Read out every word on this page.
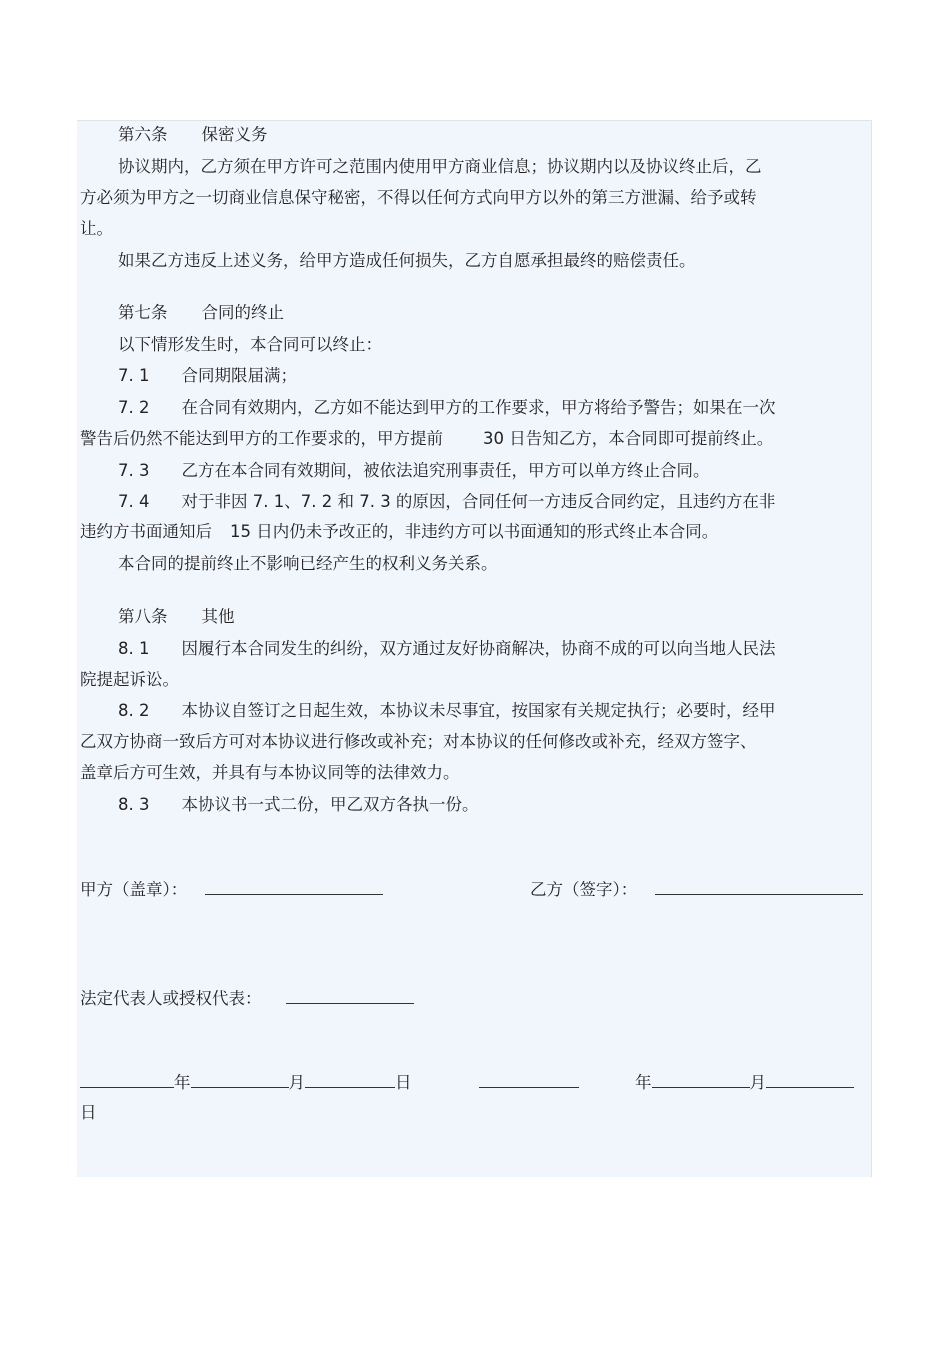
第六条 保密义务
协议期内，乙方须在甲方许可之范围内使用甲方商业信息；协议期内以及协议终止后，乙
方必须为甲方之一切商业信息保守秘密，不得以任何方式向甲方以外的第三方泄漏、给予或转
让。
如果乙方违反上述义务，给甲方造成任何损失，乙方自愿承担最终的赔偿责任。
第七条 合同的终止
以下情形发生时，本合同可以终止：
7. 1 合同期限届满；
7. 2 在合同有效期内，乙方如不能达到甲方的工作要求，甲方将给予警告；如果在一次
警告后仍然不能达到甲方的工作要求的，甲方提前 30 日告知乙方，本合同即可提前终止。
7. 3 乙方在本合同有效期间，被依法追究刑事责任，甲方可以单方终止合同。
7. 4 对于非因 7. 1、7. 2 和 7. 3 的原因，合同任何一方违反合同约定，且违约方在非
违约方书面通知后 15 日内仍未予改正的，非违约方可以书面通知的形式终止本合同。
本合同的提前终止不影响已经产生的权利义务关系。
第八条 其他
8. 1 因履行本合同发生的纠纷，双方通过友好协商解决，协商不成的可以向当地人民法
院提起诉讼。
8. 2 本协议自签订之日起生效，本协议未尽事宜，按国家有关规定执行；必要时，经甲
乙双方协商一致后方可对本协议进行修改或补充；对本协议的任何修改或补充，经双方签字、
盖章后方可生效，并具有与本协议同等的法律效力。
8. 3 本协议书一式二份，甲乙双方各执一份。
甲方（盖章）：	乙方（签字）：
法定代表人或授权代表：
年	月	日	年	月
日
